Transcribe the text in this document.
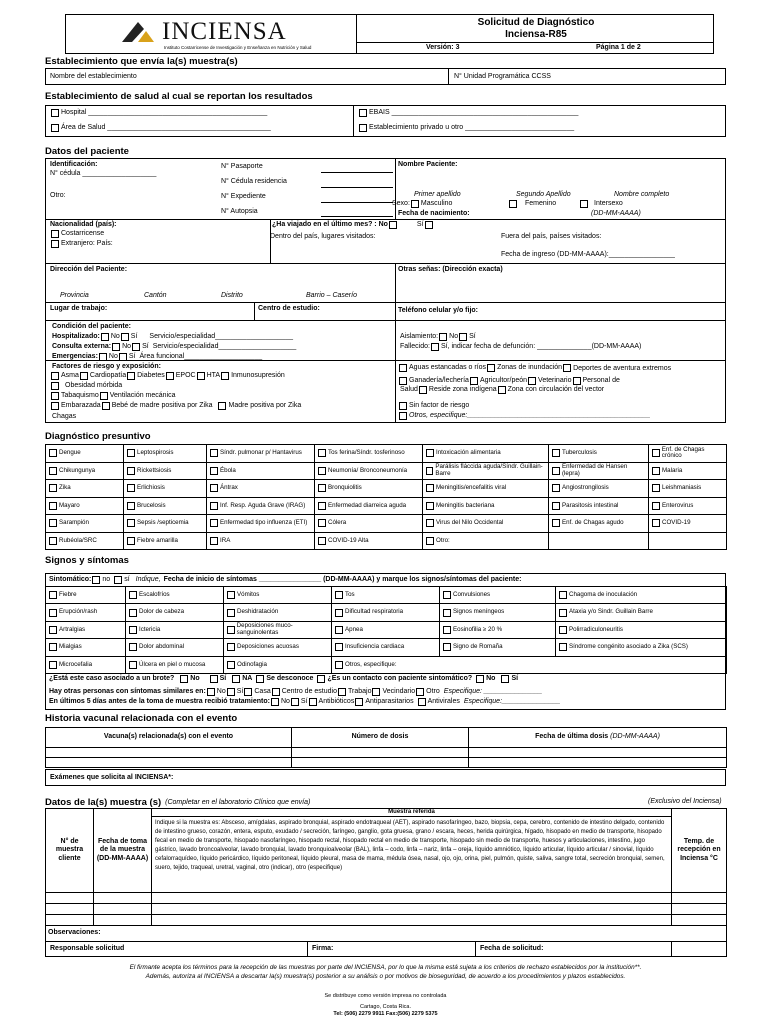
INCIENSA
Instituto Costarricense de Investigación y Enseñanza en Nutrición y Salud
Solicitud de Diagnóstico
Inciensa-R85
Versión: 3	Página 1 de 2
Establecimiento que envía la(s) muestra(s)
Nombre del establecimiento	N° Unidad Programática CCSS
Establecimiento de salud al cual se reportan los resultados
Hospital ______________________________________________
Área de Salud __________________________________________
EBAIS ________________________________________________
Establecimiento privado u otro ____________________________
Datos del paciente
Identificación:
N° cédula ___________________
Otro:
N° Pasaporte
N° Cédula residencia
N° Expediente
N° Autopsia
Nombre Paciente:
Primer apellido	Segundo Apellido	Nombre completo
Sexo: Masculino	Femenino	Intersexo
Fecha de nacimiento:	(DD-MM-AAAA)
Nacionalidad (país):
Costarricense
Extranjero: País:
¿Ha viajado en el último mes? : No	Sí
Dentro del país, lugares visitados:	Fuera del país, países visitados:
Fecha de ingreso (DD-MM-AAAA):_________________
Dirección del Paciente:
Provincia	Cantón	Distrito	Barrio – Caserío
Otras señas: (Dirección exacta)
Lugar de trabajo:	Centro de estudio:	Teléfono celular y/o fijo:
Condición del paciente:
Hospitalizado: No Sí Servicio/especialidad____________________
Consulta externa: No Sí Servicio/especialidad____________________
Emergencias: No Sí Área funcional____________________
Aislamiento: No Sí
Fallecido: Sí, indicar fecha de defunción: ______________(DD-MM-AAAA)
Factores de riesgo y exposición:
Asma Cardiopatía Diabetes EPOC HTA Inmunosupresión
Obesidad mórbida
Tabaquismo Ventilación mecánica
Embarazada Bebé de madre positiva por Zika Madre positiva por Zika
Chagas
Aguas estancadas o ríos Zonas de inundación Deportes de aventura extremos
Ganadería/lechería Agricultor/peón Veterinario Personal de
Salud Reside zona indígena Zona con circulación del vector
Sin factor de riesgo
Otros, especifique:_______________________________________________
Diagnóstico presuntivo
Dengue	Leptospirosis	Síndr. pulmonar p/ Hantavirus	Tos ferina/Síndr. tosferinoso	Intoxicación alimentaria	Tuberculosis	Enf. de Chagas crónico

Chikungunya	Rickettsiosis	Ébola	Neumonía/ Bronconeumonía	Parálisis fláccida aguda/Síndr. Guillain-Barre	Enfermedad de Hansen (lepra)	Malaria

Zika	Erlichiosis	Ántrax	Bronquiolitis	Meningitis/encefalitis viral	Angiostrongilosis	Leishmaniasis

Mayaro	Brucelosis	Inf. Resp. Aguda Grave (IRAG)	Enfermedad diarreica aguda	Meningitis bacteriana	Parasitosis intestinal	Enterovirus

Sarampión	Sepsis /septicemia	Enfermedad tipo influenza (ETI)	Cólera	Virus del Nilo Occidental	Enf. de Chagas agudo	COVID-19

Rubéola/SRC	Fiebre amarilla	IRA	COVID-19 Alta	Otro:		

Signos y síntomas
Sintomático: no sí Indique, Fecha de inicio de síntomas ________________ (DD-MM-AAAA) y marque los signos/síntomas del paciente:
Fiebre	Escalofríos	Vómitos	Tos	Convulsiones	Chagoma de inoculación

Erupción/rash	Dolor de cabeza	Deshidratación	Dificultad respiratoria	Signos meníngeos	Ataxia y/o Sindr. Guillain Barre

Artralgias	Ictericia	Deposiciones muco-sanguinolentas	Apnea	Eosinofilia ≥ 20 %	Polirradiculoneuritis

Mialgias	Dolor abdominal	Deposiciones acuosas	Insuficiencia cardiaca	Signo de Romaña	Síndrome congénito asociado a Zika (SCS)

Microcefalia	Úlcera en piel o mucosa	Odinofagia	Otros, especifique:		
¿Está este caso asociado a un brote? No	Sí NA Se desconoce ¿Es un contacto con paciente sintomático? No Sí
Hay otras personas con síntomas similares en: No Sí Casa Centro de estudio Trabajo Vecindario Otro Especifique: _______________
En últimos 5 días antes de la toma de muestra recibió tratamiento: No Sí Antibióticos Antiparasitarios Antivirales Especifique:_______________
Historia vacunal relacionada con el evento
Vacuna(s) relacionada(s) con el evento	Número de dosis	Fecha de última dosis (DD-MM-AAAA)

Exámenes que solicita al INCIENSA*:
Datos de la(s) muestra (s) (Completar en el laboratorio Clínico que envía)	(Exclusivo del Inciensa)
N° de muestra cliente	Fecha de toma de la muestra (DD-MM-AAAA)	Muestra referida	Temp. de recepción en Inciensa °C
		Indique si la muestra es: Absceso, amígdalas, aspirado bronquial, aspirado endotraqueal (AET), aspirado nasofaríngeo, bazo, biopsia, cepa, cerebro, contenido de intestino delgado, contenido de intestino grueso, corazón, entera, esputo, exudado / secreción, faríngeo, ganglio, gota gruesa, grano / escara, heces, herida quirúrgica, hígado, hisopado en medio de transporte, hisopado fecal en medio de transporte, hisopado nasofaríngeo, hisopado rectal, hisopado rectal en medio de transporte, hisopado sin medio de transporte, huesos y articulaciones, intestino, jugo gástrico, lavado broncoalveolar, lavado bronquial, lavado bronquioalveolar (BAL), linfa – codo, linfa – nariz, linfa – oreja, líquido amniótico, líquido articular, líquido articular / sinovial, líquido cefalorraquídeo, líquido pericárdico, líquido peritoneal, líquido pleural, masa de mama, médula ósea, nasal, ojo, ojo, orina, piel, pulmón, quiste, saliva, sangre total, secreción bronquial, semen, suero, tejido, traqueal, uretral, vaginal, otro (indicar), otro (especifique)	

Observaciones:			

Responsable solicitud Firma: Fecha de solicitud:			

El firmante acepta los términos para la recepción de las muestras por parte del INCIENSA, por lo que la misma está sujeta a los criterios de rechazo establecidos por la institución**.
Además, autoriza al INCIENSA a descartar la(s) muestra(s) posterior a su análisis o por motivos de bioseguridad, de acuerdo a los procedimientos y plazos establecidos.
Se distribuye como versión impresa no controlada
Cartago, Costa Rica.
Tel: (506) 2279 9911 Fax:(506) 2279 5375
